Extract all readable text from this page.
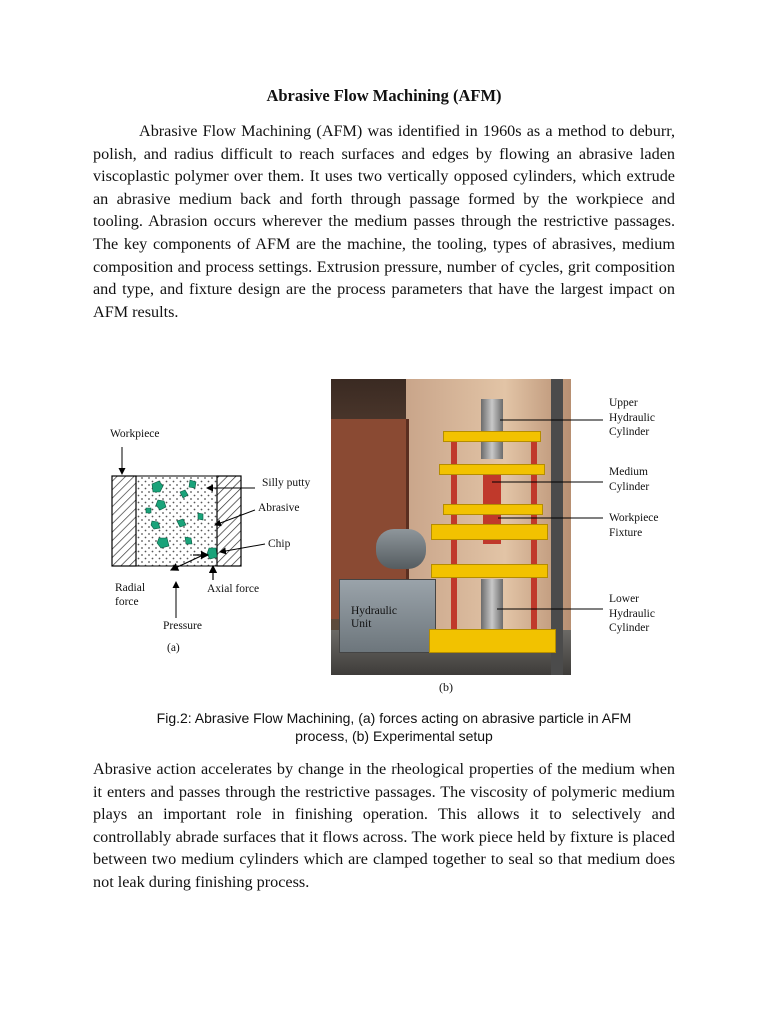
Abrasive Flow Machining (AFM)

Abrasive Flow Machining (AFM) was identified in 1960s as a method to deburr, polish, and radius difficult to reach surfaces and edges by flowing an abrasive laden viscoplastic polymer over them. It uses two vertically opposed cylinders, which extrude an abrasive medium back and forth through passage formed by the workpiece and tooling. Abrasion occurs wherever the medium passes through the restrictive passages. The key components of AFM are the machine, the tooling, types of abrasives, medium composition and process settings. Extrusion pressure, number of cycles, grit composition and type, and fixture design are the process parameters that have the largest impact on AFM results.

Workpiece
Silly putty
Abrasive
Chip
Radial
force
Axial force
Pressure
(a)
Hydraulic
Unit
Upper
Hydraulic
Cylinder
Medium
Cylinder
Workpiece
Fixture
Lower
Hydraulic
Cylinder
(b)
Fig.2: Abrasive Flow Machining, (a) forces acting on abrasive particle in AFM
process, (b) Experimental setup

Abrasive action accelerates by change in the rheological properties of the medium when it enters and passes through the restrictive passages. The viscosity of polymeric medium plays an important role in finishing operation. This allows it to selectively and controllably abrade surfaces that it flows across. The work piece held by fixture is placed between two medium cylinders which are clamped together to seal so that medium does not leak during finishing process.
